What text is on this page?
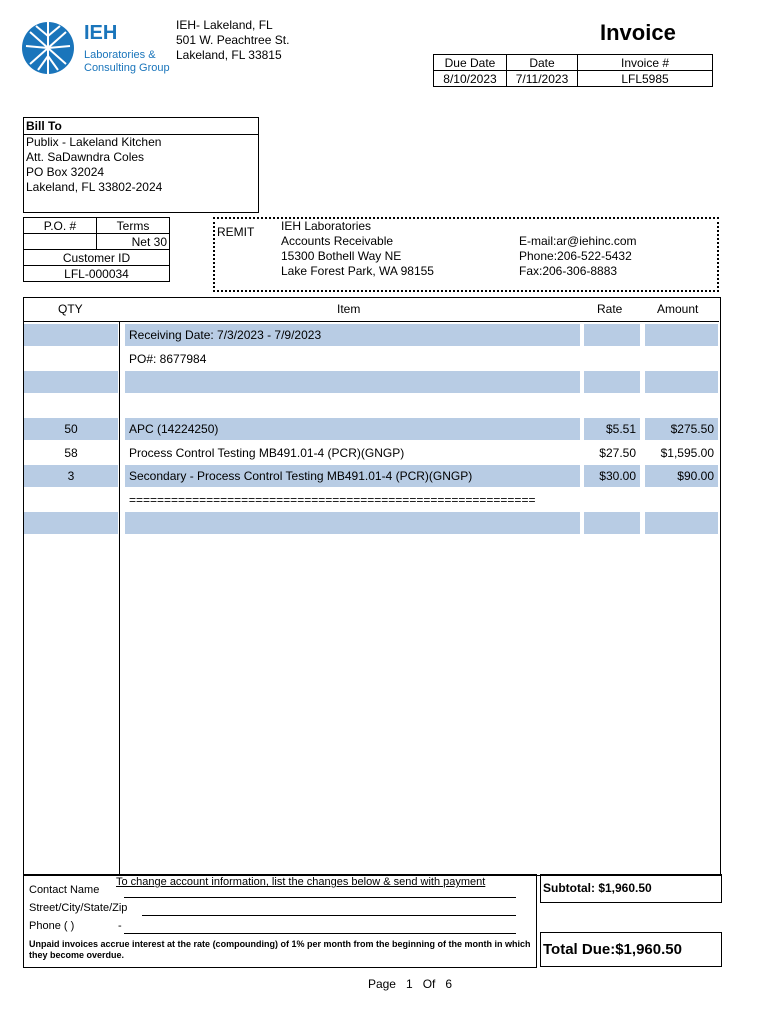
IEH
Laboratories &
Consulting Group
IEH- Lakeland, FL
501 W. Peachtree St.
Lakeland, FL 33815
Invoice
Due Date	Date	Invoice #
8/10/2023	7/11/2023	LFL5985
Bill To
Publix - Lakeland Kitchen
Att. SaDawndra Coles
PO Box 32024
Lakeland, FL 33802-2024
P.O. #	Terms
	Net 30
Customer ID	
LFL-000034	
REMIT IEH Laboratories
Accounts Receivable
15300 Bothell Way NE
Lake Forest Park, WA 98155
E-mail:ar@iehinc.com
Phone:206-522-5432
Fax:206-306-8883
QTY	Item	Rate	Amount
Receiving Date: 7/3/2023 - 7/9/2023
PO#: 8677984
50	APC (14224250)	$5.51	$275.50
58	Process Control Testing MB491.01-4 (PCR)(GNGP)	$27.50	$1,595.00
3	Secondary - Process Control Testing MB491.01-4 (PCR)(GNGP)	$30.00	$90.00
==========================================================
To change account information, list the changes below & send with payment
Contact Name
Street/City/State/Zip
Phone ( )	-
Unpaid invoices accrue interest at the rate (compounding) of 1% per month from the beginning of the month in which they become overdue.
Subtotal: $1,960.50
Total Due:$1,960.50
Page 1 Of 6
